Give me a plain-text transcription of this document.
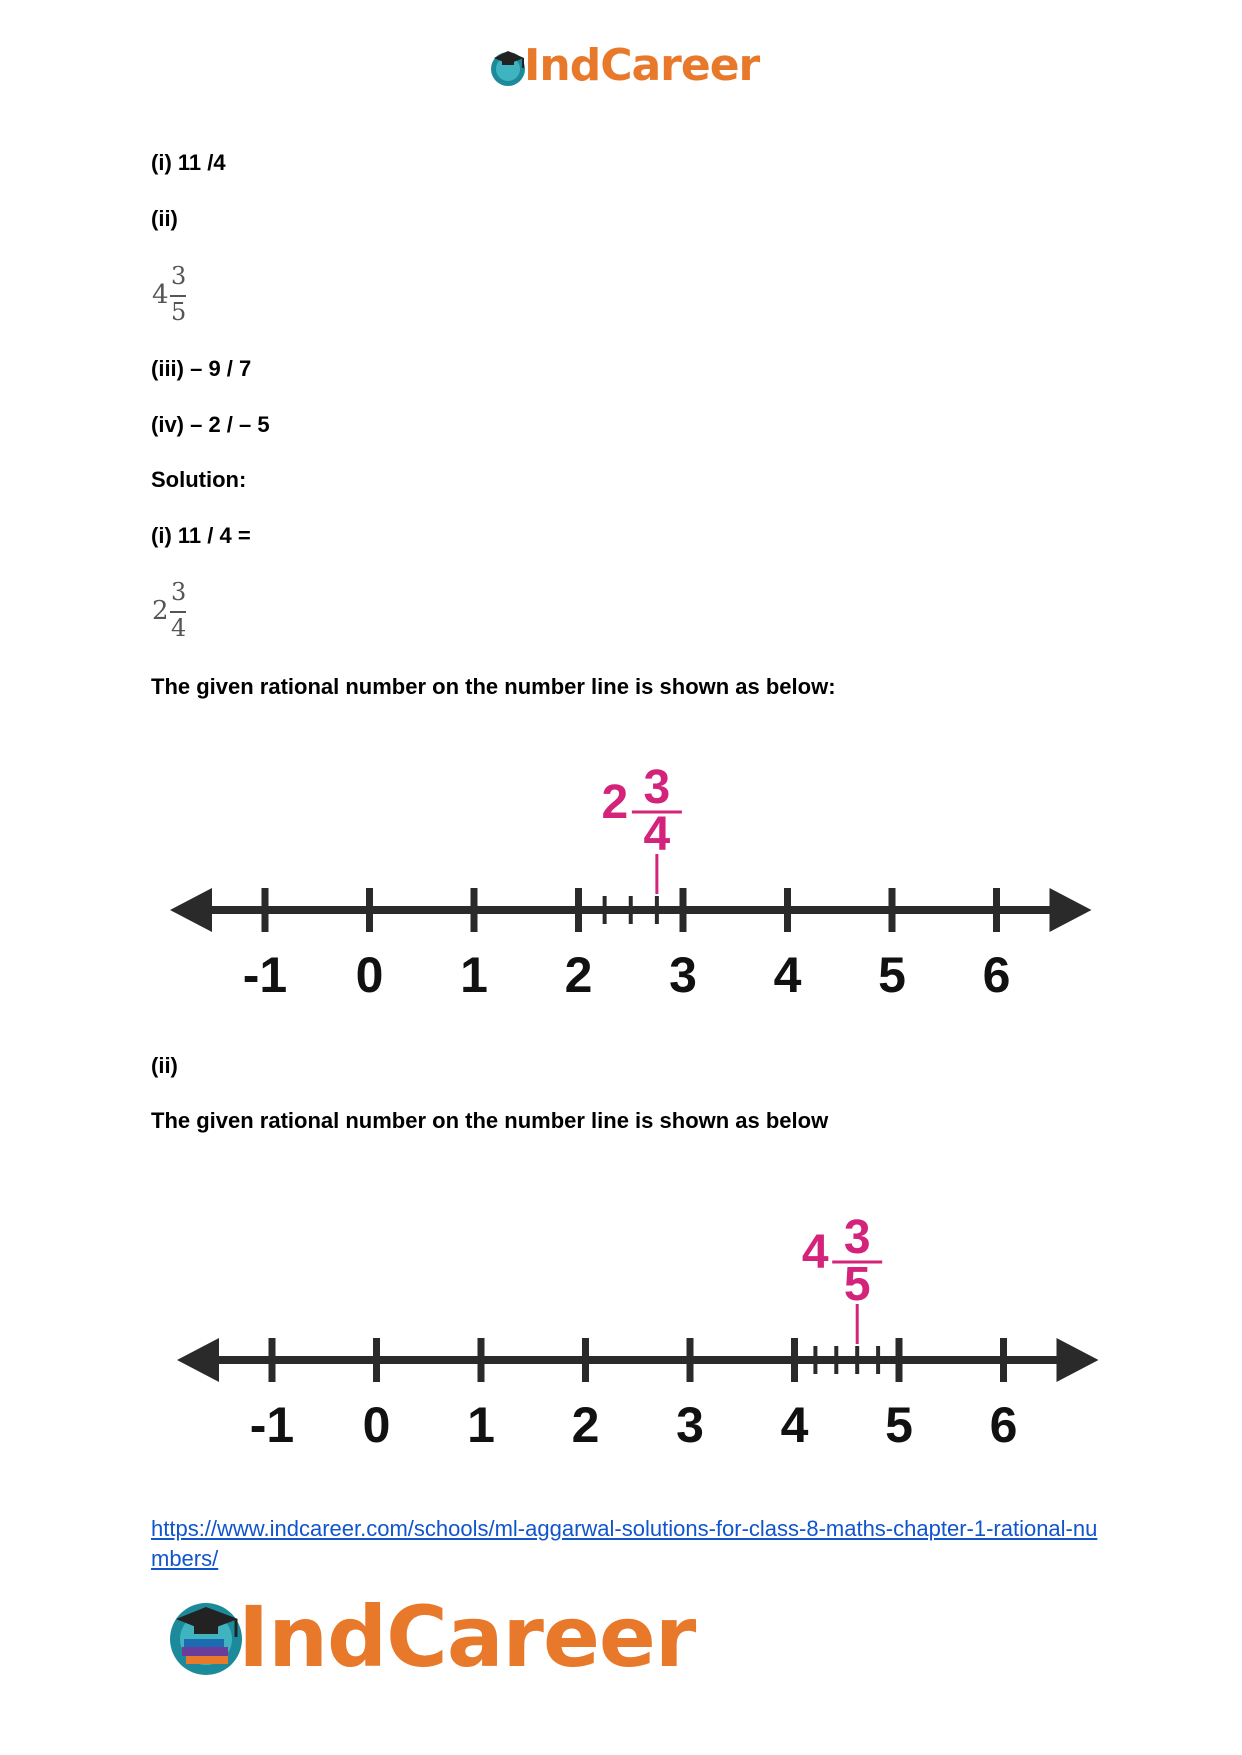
IndCareer
(i) 11 /4
(ii)
4
3
5
(iii) – 9 / 7
(iv) – 2 / – 5
Solution:
(i) 11 / 4 =
2
3
4
The given rational number on the number line is shown as below:
-1 0 1 2 3 4 5 6
2 3
4
(ii)
The given rational number on the number line is shown as below
-1 0 1 2 3 4 5 6
4 3
5
https://www.indcareer.com/schools/ml-aggarwal-solutions-for-class-8-maths-chapter-1-rational-numbers/
IndCareer
